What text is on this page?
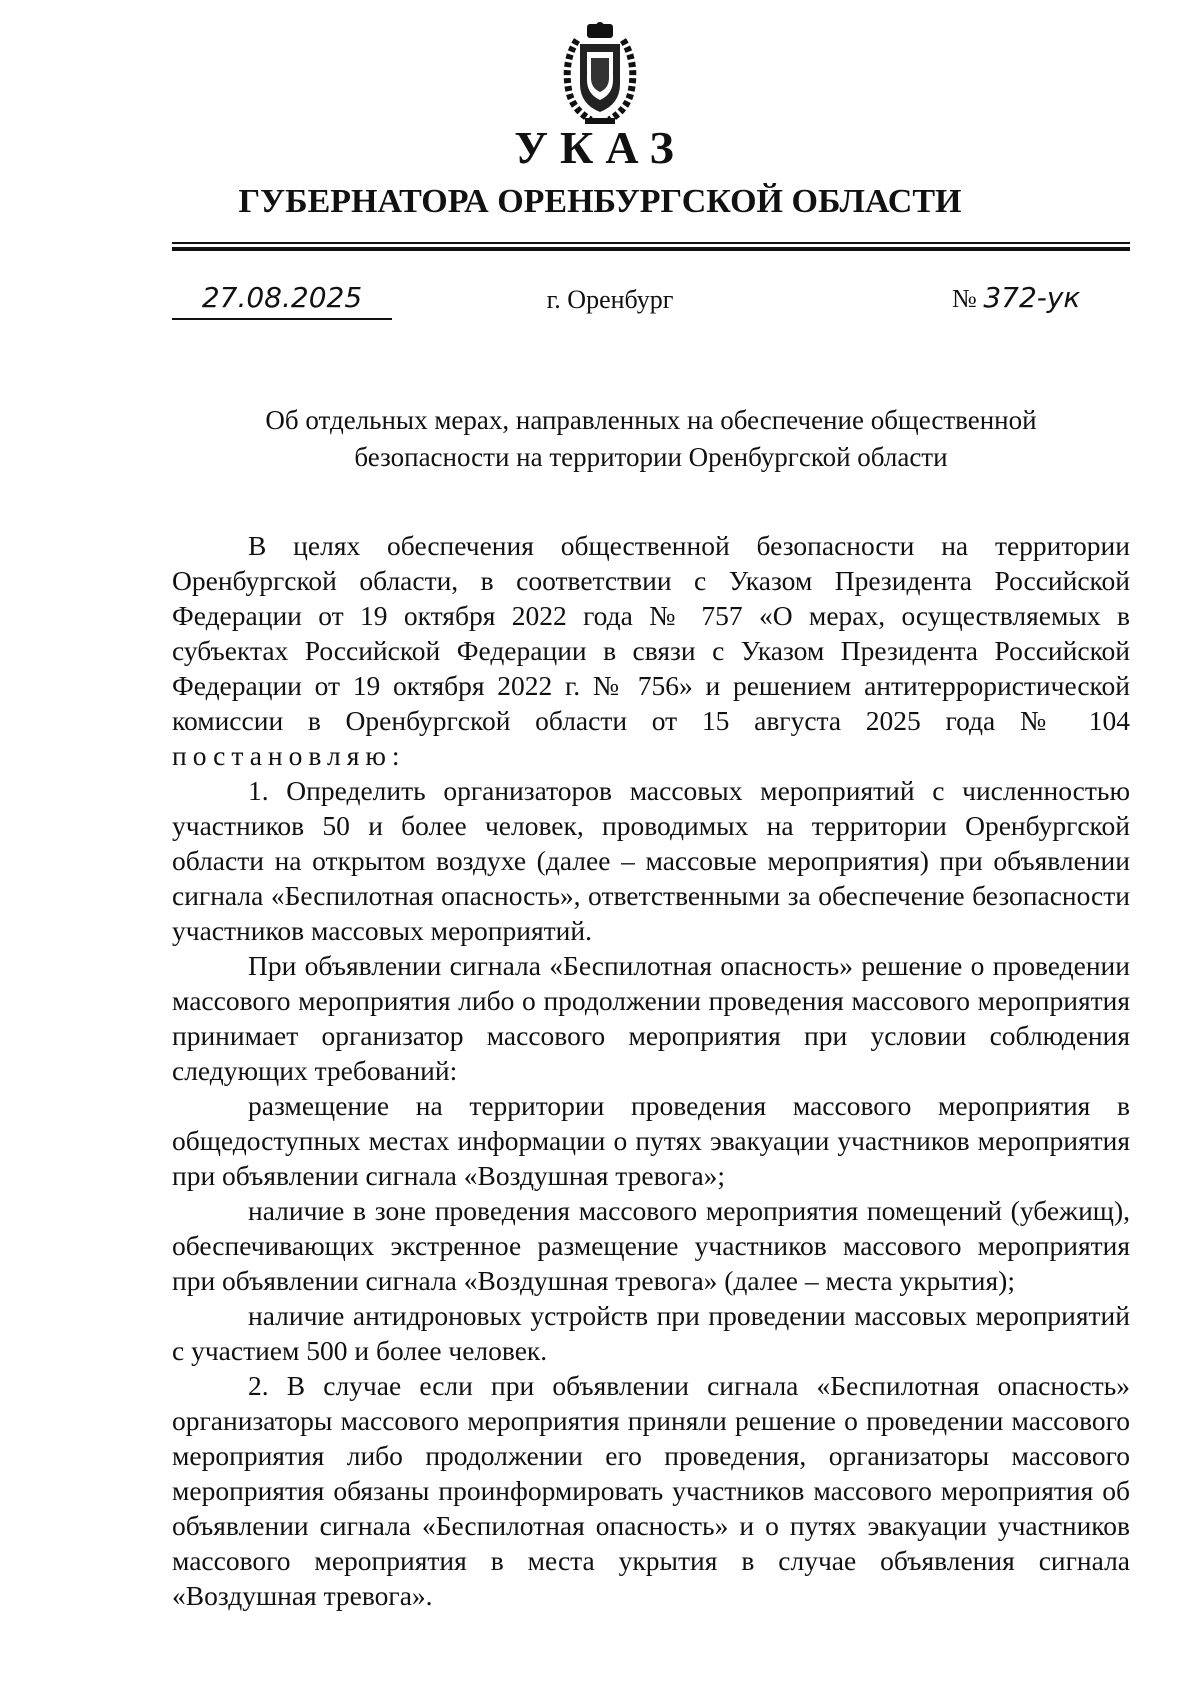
УКАЗ
ГУБЕРНАТОРА ОРЕНБУРГСКОЙ ОБЛАСТИ
27.08.2025	г. Оренбург	№ 372-ук
Об отдельных мерах, направленных на обеспечение общественной
безопасности на территории Оренбургской области

В целях обеспечения общественной безопасности на территории Оренбургской области, в соответствии с Указом Президента Российской Федерации от 19 октября 2022 года № 757 «О мерах, осуществляемых в субъектах Российской Федерации в связи с Указом Президента Российской Федерации от 19 октября 2022 г. № 756» и решением антитеррористической комиссии в Оренбургской области от 15 августа 2025 года № 104 постановляю:

1. Определить организаторов массовых мероприятий с численностью участников 50 и более человек, проводимых на территории Оренбургской области на открытом воздухе (далее – массовые мероприятия) при объявлении сигнала «Беспилотная опасность», ответственными за обеспечение безопасности участников массовых мероприятий.

При объявлении сигнала «Беспилотная опасность» решение о проведении массового мероприятия либо о продолжении проведения массового мероприятия принимает организатор массового мероприятия при условии соблюдения следующих требований:

размещение на территории проведения массового мероприятия в общедоступных местах информации о путях эвакуации участников мероприятия при объявлении сигнала «Воздушная тревога»;

наличие в зоне проведения массового мероприятия помещений (убежищ), обеспечивающих экстренное размещение участников массового мероприятия при объявлении сигнала «Воздушная тревога» (далее – места укрытия);

наличие антидроновых устройств при проведении массовых мероприятий с участием 500 и более человек.

2. В случае если при объявлении сигнала «Беспилотная опасность» организаторы массового мероприятия приняли решение о проведении массового мероприятия либо продолжении его проведения, организаторы массового мероприятия обязаны проинформировать участников массового мероприятия об объявлении сигнала «Беспилотная опасность» и о путях эвакуации участников массового мероприятия в места укрытия в случае объявления сигнала «Воздушная тревога».
